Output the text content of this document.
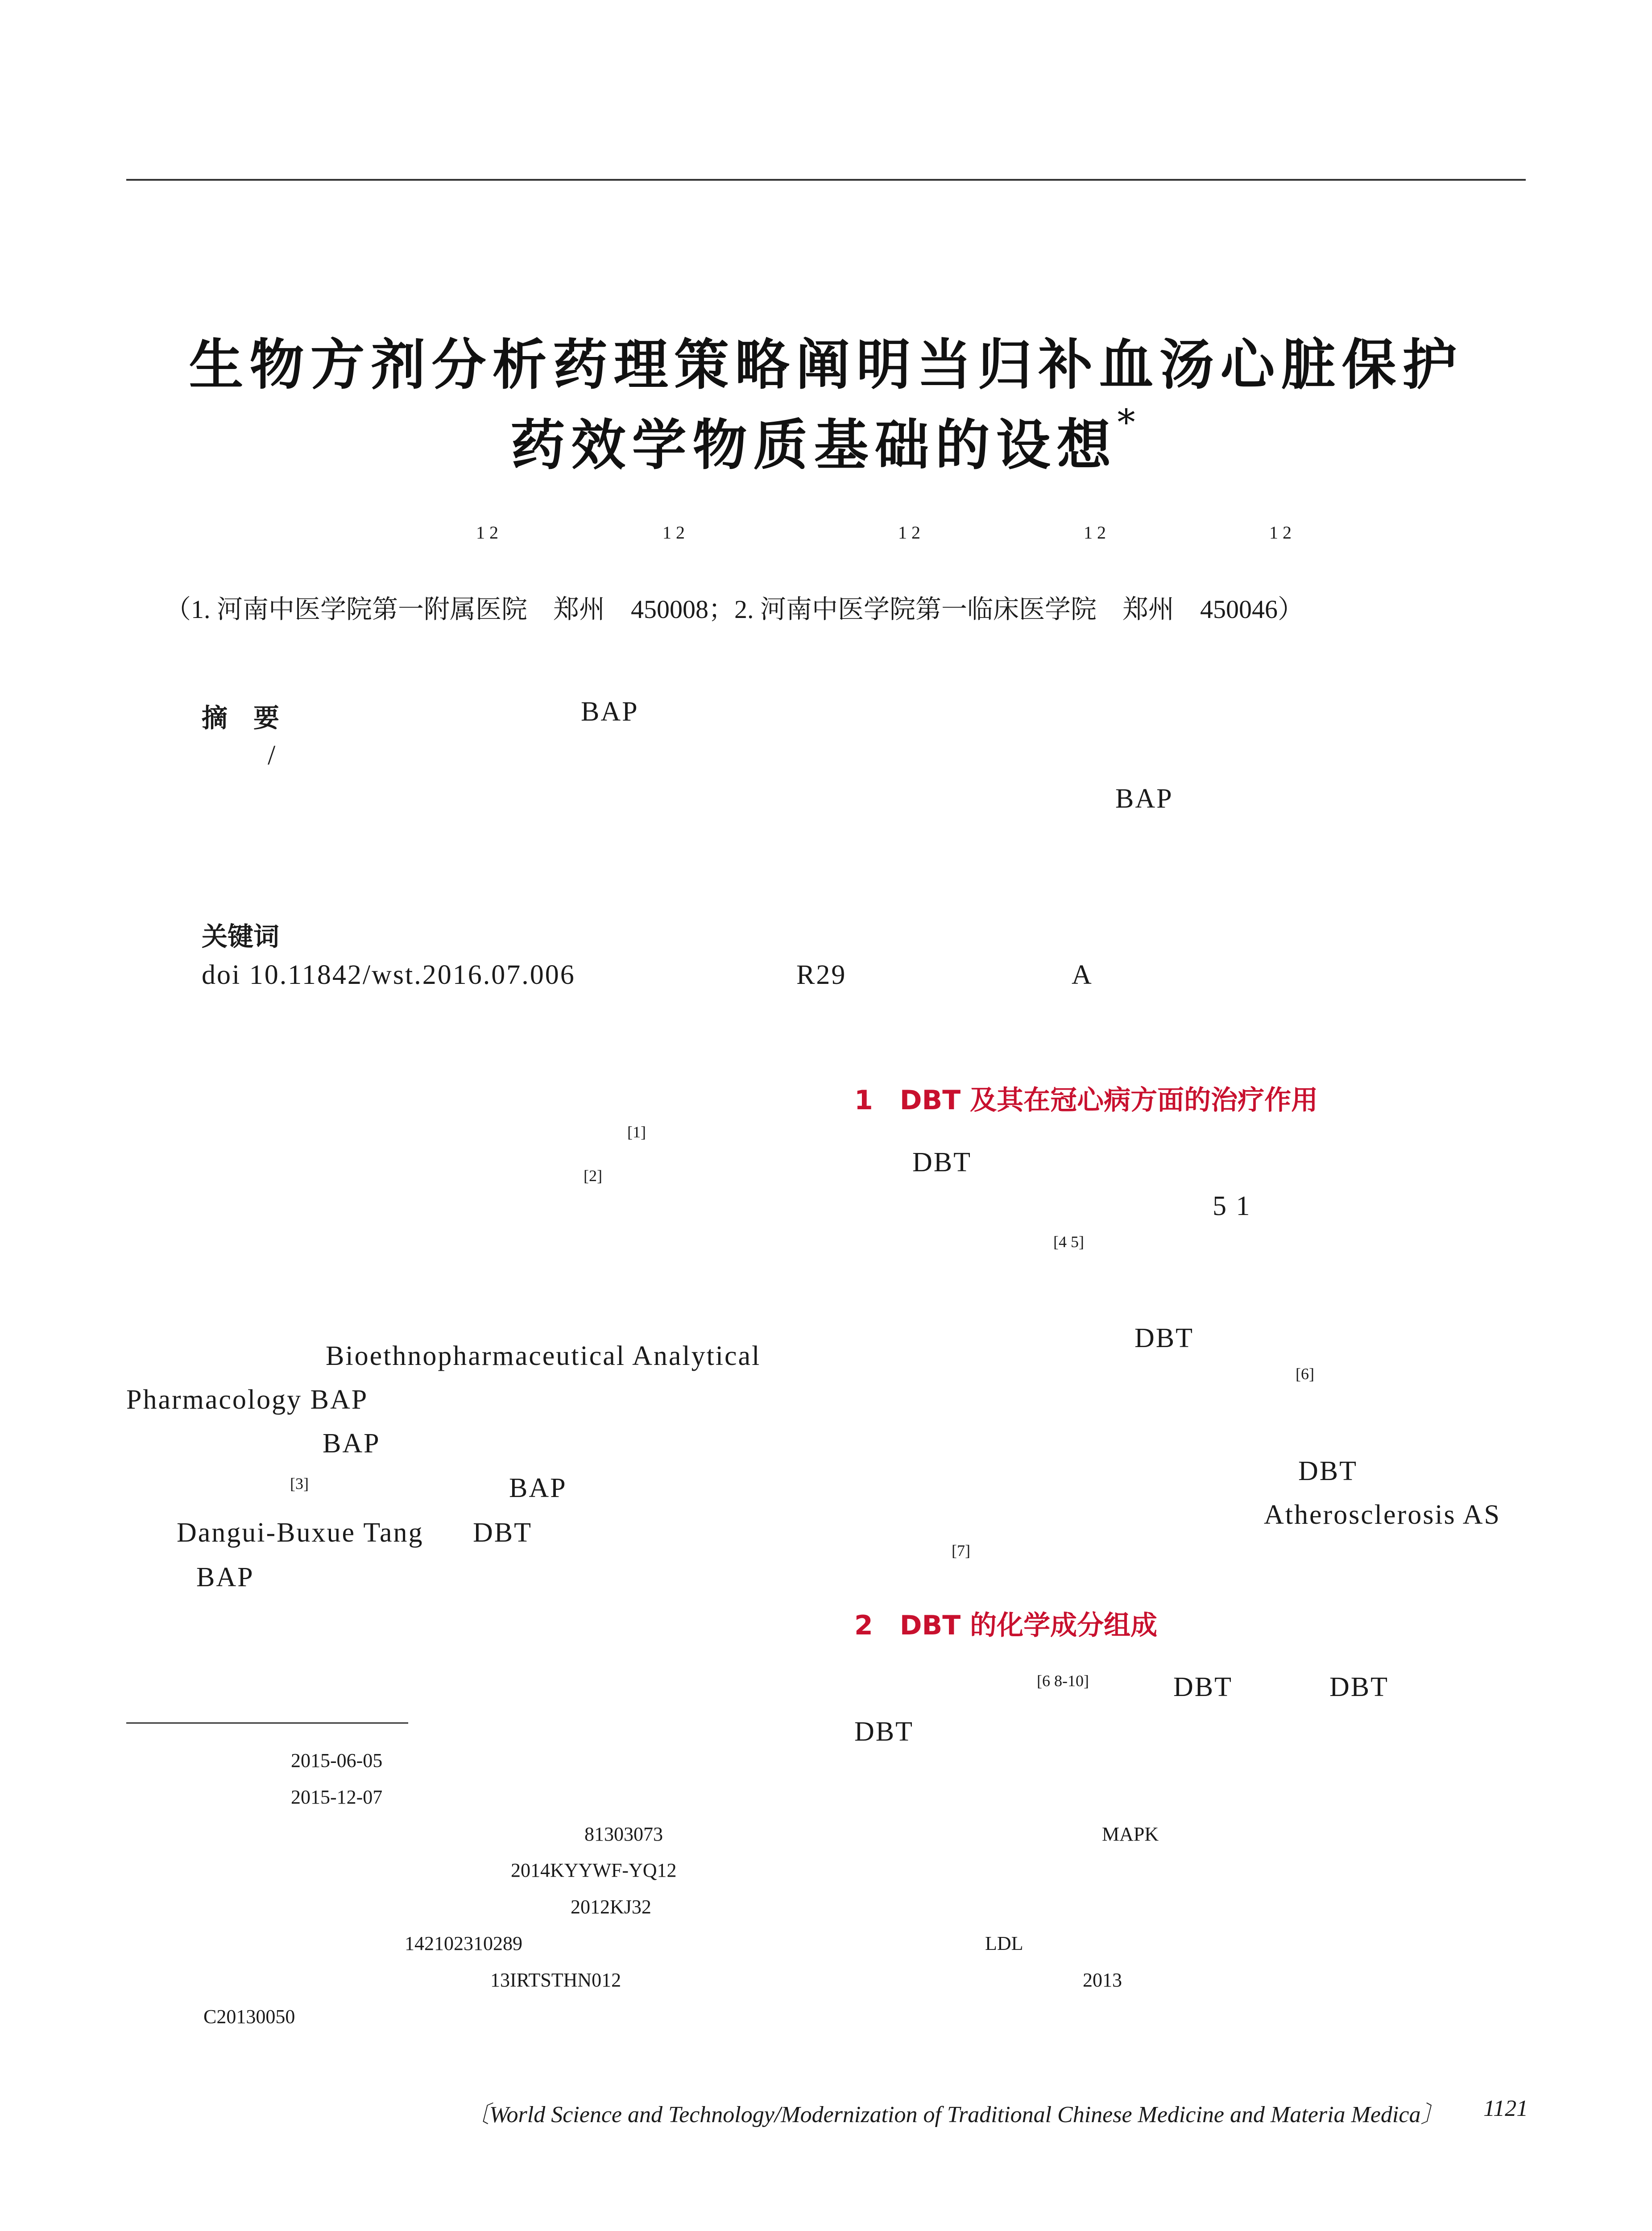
生物方剂分析药理策略阐明当归补血汤心脏保护
药效学物质基础的设想*
1 2	1 2	1 2	1 2	1 2
（1. 河南中医学院第一附属医院　郑州　450008；2. 河南中医学院第一临床医学院　郑州　450046）
摘　要	BAP
/
BAP
关键词
doi 10.11842/wst.2016.07.006	R29	A
[1]
[2]
Bioethnopharmaceutical Analytical
Pharmacology BAP
BAP
[3]	BAP
Dangui-Buxue Tang DBT
BAP
1　DBT 及其在冠心病方面的治疗作用
DBT
5 1
[4 5]
DBT
[6]
DBT
Atherosclerosis AS
[7]
2　DBT 的化学成分组成
[6 8-10]	DBT	DBT
DBT
2015-06-05
2015-12-07
81303073	MAPK
2014KYYWF-YQ12
2012KJ32
142102310289	LDL
13IRTSTHN012	2013
C20130050
〔World Science and Technology/Modernization of Traditional Chinese Medicine and Materia Medica〕 1121
